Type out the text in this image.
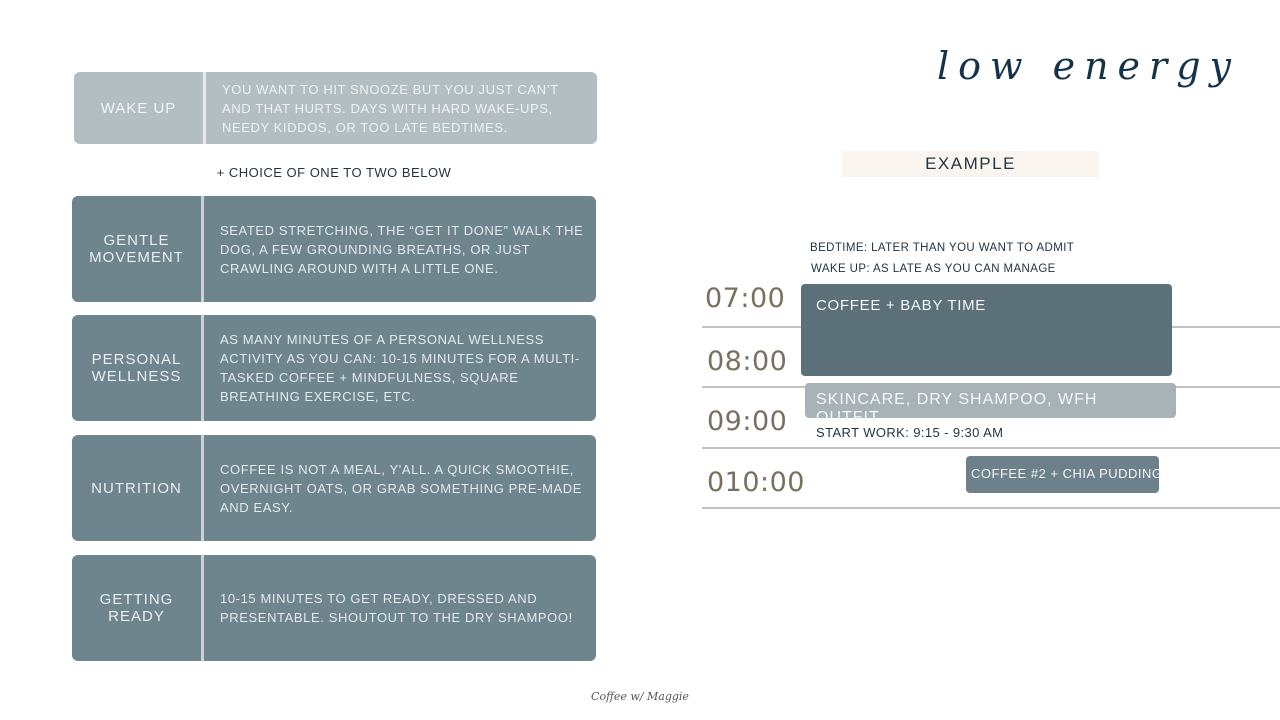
WAKE UP
YOU WANT TO HIT SNOOZE BUT YOU JUST CAN’T AND THAT HURTS. DAYS WITH HARD WAKE-UPS, NEEDY KIDDOS, OR TOO LATE BEDTIMES.
+ CHOICE OF ONE TO TWO BELOW
GENTLE MOVEMENT
SEATED STRETCHING, THE “GET IT DONE” WALK THE DOG, A FEW GROUNDING BREATHS, OR JUST CRAWLING AROUND WITH A LITTLE ONE.
PERSONAL WELLNESS
AS MANY MINUTES OF A PERSONAL WELLNESS ACTIVITY AS YOU CAN: 10-15 MINUTES FOR A MULTI-TASKED COFFEE + MINDFULNESS, SQUARE BREATHING EXERCISE, ETC.
NUTRITION
COFFEE IS NOT A MEAL, Y'ALL. A QUICK SMOOTHIE, OVERNIGHT OATS, OR GRAB SOMETHING PRE-MADE AND EASY.
GETTING READY
10-15 MINUTES TO GET READY, DRESSED AND PRESENTABLE. SHOUTOUT TO THE DRY SHAMPOO!
low energy
EXAMPLE
BEDTIME: LATER THAN YOU WANT TO ADMIT
WAKE UP: AS LATE AS YOU CAN MANAGE
07:00
08:00
09:00
010:00
COFFEE + BABY TIME
SKINCARE, DRY SHAMPOO, WFH OUTFIT
START WORK: 9:15 - 9:30 AM
COFFEE #2 + CHIA PUDDING
Coffee w/ Maggie
